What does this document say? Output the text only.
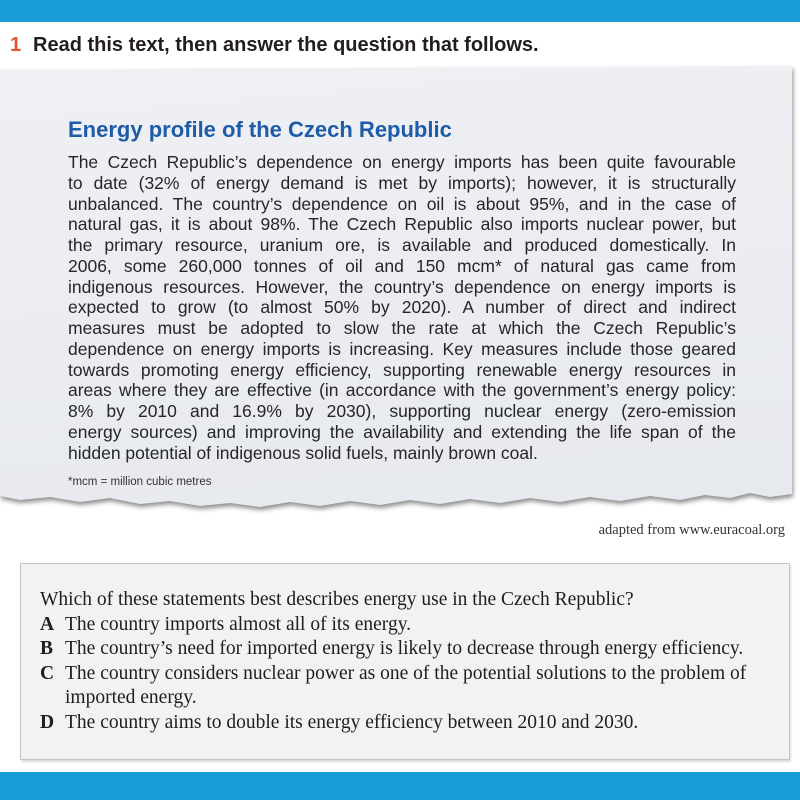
1 Read this text, then answer the question that follows.
Energy profile of the Czech Republic
The Czech Republic’s dependence on energy imports has been quite favourable
to date (32% of energy demand is met by imports); however, it is structurally
unbalanced. The country’s dependence on oil is about 95%, and in the case of
natural gas, it is about 98%. The Czech Republic also imports nuclear power, but
the primary resource, uranium ore, is available and produced domestically. In
2006, some 260,000 tonnes of oil and 150 mcm* of natural gas came from
indigenous resources. However, the country’s dependence on energy imports is
expected to grow (to almost 50% by 2020). A number of direct and indirect
measures must be adopted to slow the rate at which the Czech Republic’s
dependence on energy imports is increasing. Key measures include those geared
towards promoting energy efficiency, supporting renewable energy resources in
areas where they are effective (in accordance with the government’s energy policy:
8% by 2010 and 16.9% by 2030), supporting nuclear energy (zero-emission
energy sources) and improving the availability and extending the life span of the
hidden potential of indigenous solid fuels, mainly brown coal.
*mcm = million cubic metres
adapted from www.euracoal.org
Which of these statements best describes energy use in the Czech Republic?
A The country imports almost all of its energy.
B The country’s need for imported energy is likely to decrease through energy efficiency.
C The country considers nuclear power as one of the potential solutions to the problem of
imported energy.
D The country aims to double its energy efficiency between 2010 and 2030.
